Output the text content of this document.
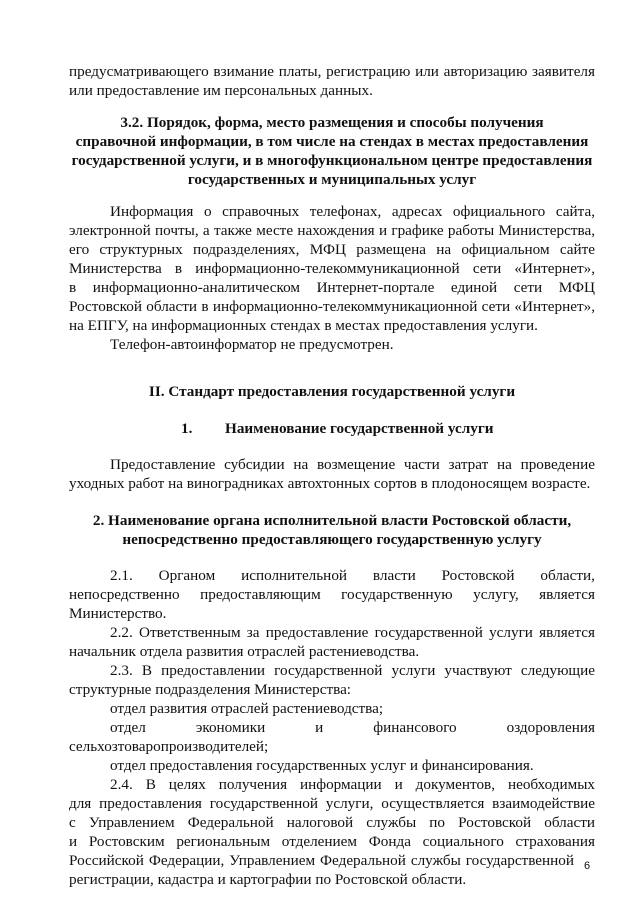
предусматривающего взимание платы, регистрацию или авторизацию заявителя

или предоставление им персональных данных.

3.2. Порядок, форма, место размещения и способы получения

справочной информации, в том числе на стендах в местах предоставления

государственной услуги, и в многофункциональном центре предоставления

государственных и муниципальных услуг

Информация о справочных телефонах, адресах официального сайта,

электронной почты, а также месте нахождения и графике работы Министерства,

его структурных подразделениях, МФЦ размещена на официальном сайте

Министерства в информационно-телекоммуникационной сети «Интернет»,

в информационно-аналитическом Интернет-портале единой сети МФЦ

Ростовской области в информационно-телекоммуникационной сети «Интернет»,

на ЕПГУ, на информационных стендах в местах предоставления услуги.

Телефон-автоинформатор не предусмотрен.

II. Стандарт предоставления государственной услуги

1. Наименование государственной услуги

Предоставление субсидии на возмещение части затрат на проведение

уходных работ на виноградниках автохтонных сортов в плодоносящем возрасте.

2. Наименование органа исполнительной власти Ростовской области,

непосредственно предоставляющего государственную услугу

2.1. Органом исполнительной власти Ростовской области,
непосредственно предоставляющим государственную услугу, является

Министерство.

2.2. Ответственным за предоставление государственной услуги является

начальник отдела развития отраслей растениеводства.

2.3. В предоставлении государственной услуги участвуют следующие

структурные подразделения Министерства:

отдел развития отраслей растениеводства;

отдел	экономики	и	финансового	оздоровления

сельхозтоваропроизводителей;

отдел предоставления государственных услуг и финансирования.

2.4. В целях получения информации и документов, необходимых

для предоставления государственной услуги, осуществляется взаимодействие

с Управлением Федеральной налоговой службы по Ростовской области

и Ростовским региональным отделением Фонда социального страхования

Российской Федерации, Управлением Федеральной службы государственной

регистрации, кадастра и картографии по Ростовской области.

6
